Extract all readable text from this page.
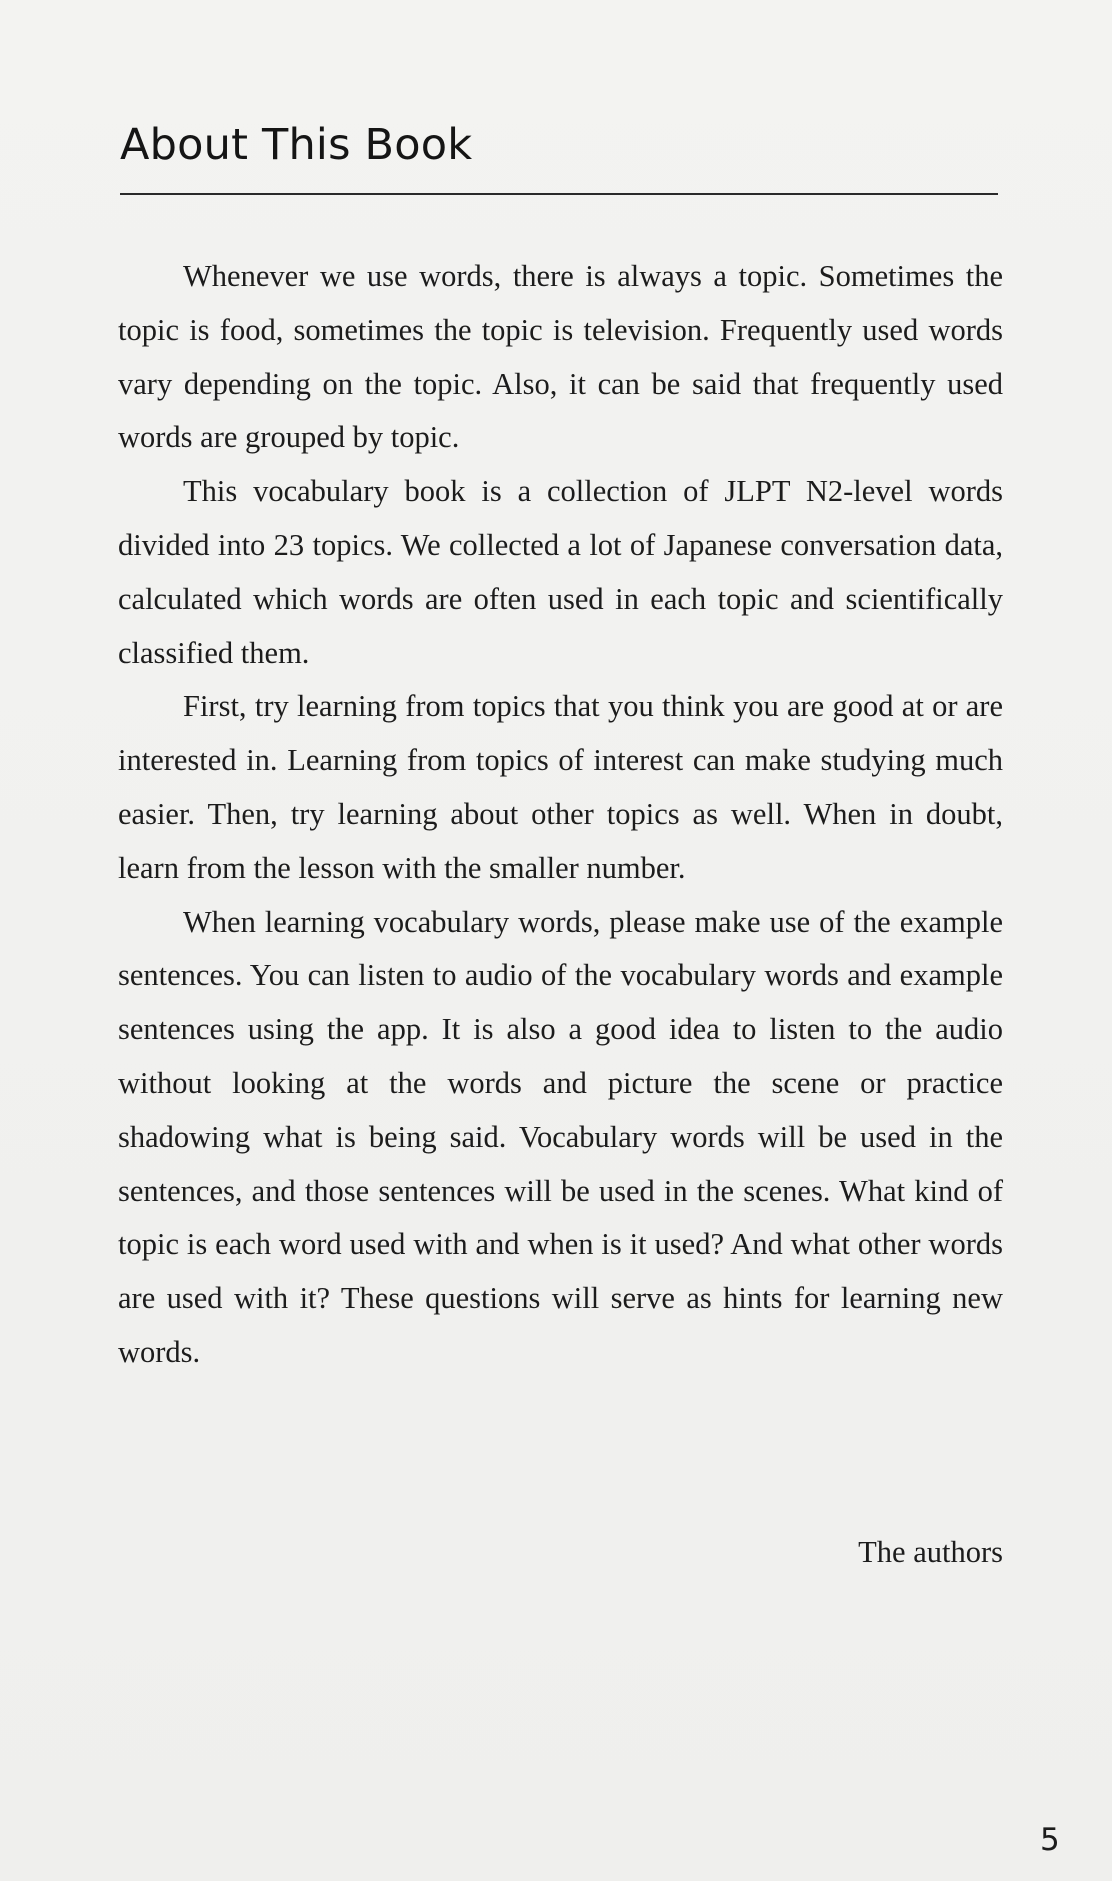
About This Book

Whenever we use words, there is always a topic. Sometimes the topic is food, sometimes the topic is television. Frequently used words vary depending on the topic. Also, it can be said that frequently used words are grouped by topic.

This vocabulary book is a collection of JLPT N2-level words divided into 23 topics. We collected a lot of Japanese conversation data, calculated which words are often used in each topic and scientifically classified them.

First, try learning from topics that you think you are good at or are interested in. Learning from topics of interest can make studying much easier. Then, try learning about other topics as well. When in doubt, learn from the lesson with the smaller number.

When learning vocabulary words, please make use of the example sentences. You can listen to audio of the vocabulary words and example sentences using the app. It is also a good idea to listen to the audio without looking at the words and picture the scene or practice shadowing what is being said. Vocabulary words will be used in the sentences, and those sentences will be used in the scenes. What kind of topic is each word used with and when is it used? And what other words are used with it? These questions will serve as hints for learning new words.

The authors

5
